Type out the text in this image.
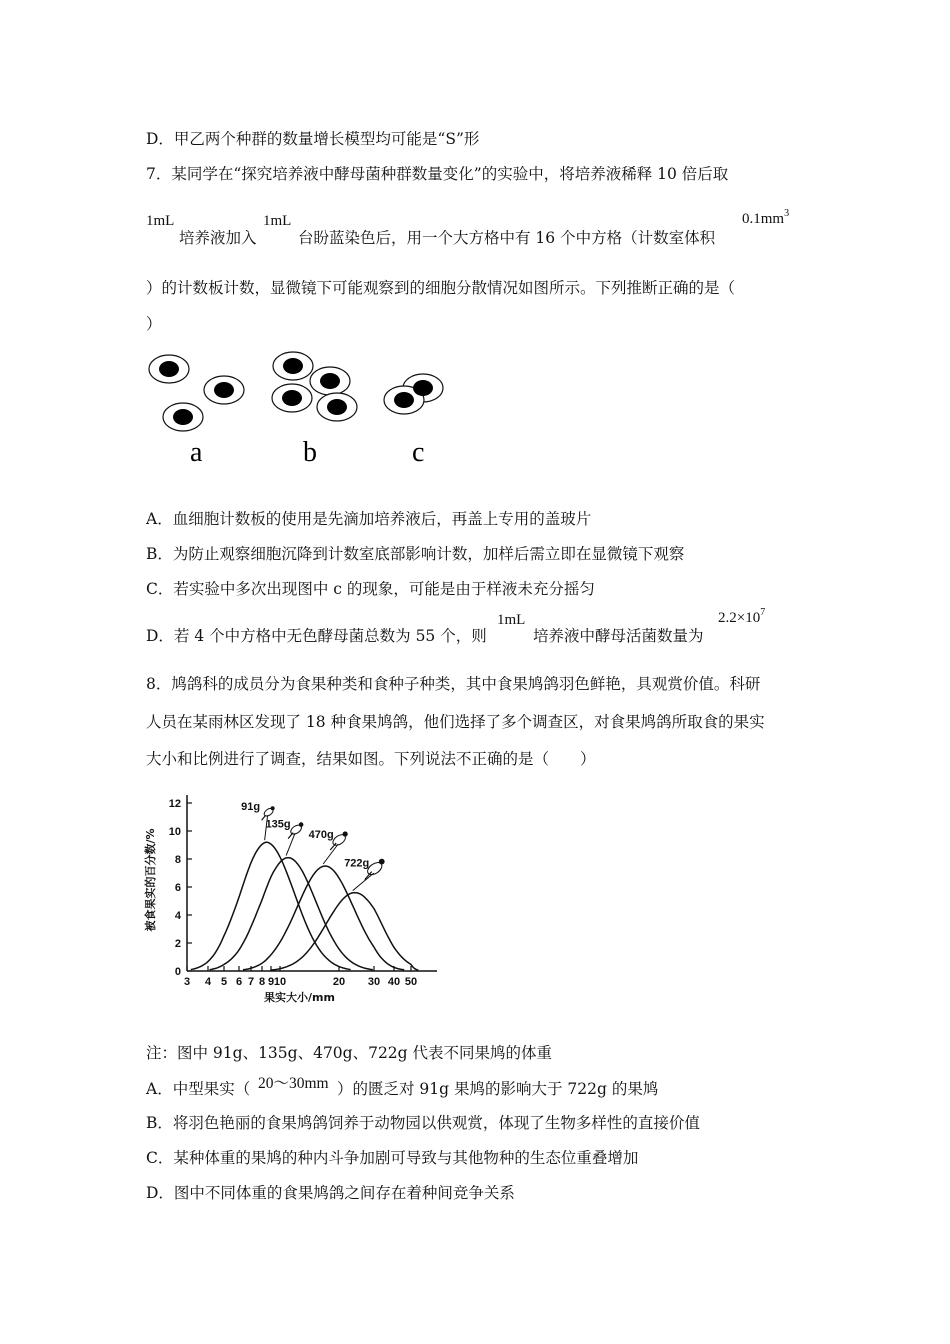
D．甲乙两个种群的数量增长模型均可能是“S”形
7．某同学在“探究培养液中酵母菌种群数量变化”的实验中，将培养液稀释 10 倍后取
1mL
培养液加入
1mL
台盼蓝染色后，用一个大方格中有 16 个中方格（计数室体积
$0.1mm^3$
）的计数板计数，显微镜下可能观察到的细胞分散情况如图所示。下列推断正确的是（
）
a	b	c
A．血细胞计数板的使用是先滴加培养液后，再盖上专用的盖玻片
B．为防止观察细胞沉降到计数室底部影响计数，加样后需立即在显微镜下观察
C．若实验中多次出现图中 c 的现象，可能是由于样液未充分摇匀
D．若 4 个中方格中无色酵母菌总数为 55 个，则
1mL
培养液中酵母活菌数量为
$2.2\times 10^7$
8．鸠鸽科的成员分为食果种类和食种子种类，其中食果鸠鸽羽色鲜艳，具观赏价值。科研
人员在某雨林区发现了 18 种食果鸠鸽，他们选择了多个调查区，对食果鸠鸽所取食的果实
大小和比例进行了调查，结果如图。下列说法不正确的是（　　）
0
2
4
6
8
10
12
3 4 5 6 7 8 9 10	20 30 40 50
91g
135g
470g
722g
被食果实的百分数/%
果实大小/mm
注：图中 91g、135g、470g、722g 代表不同果鸠的体重
A．中型果实（ 20～30mm ）的匮乏对 91g 果鸠的影响大于 722g 的果鸠
B．将羽色艳丽的食果鸠鸽饲养于动物园以供观赏，体现了生物多样性的直接价值
C．某种体重的果鸠的种内斗争加剧可导致与其他物种的生态位重叠增加
D．图中不同体重的食果鸠鸽之间存在着种间竞争关系
